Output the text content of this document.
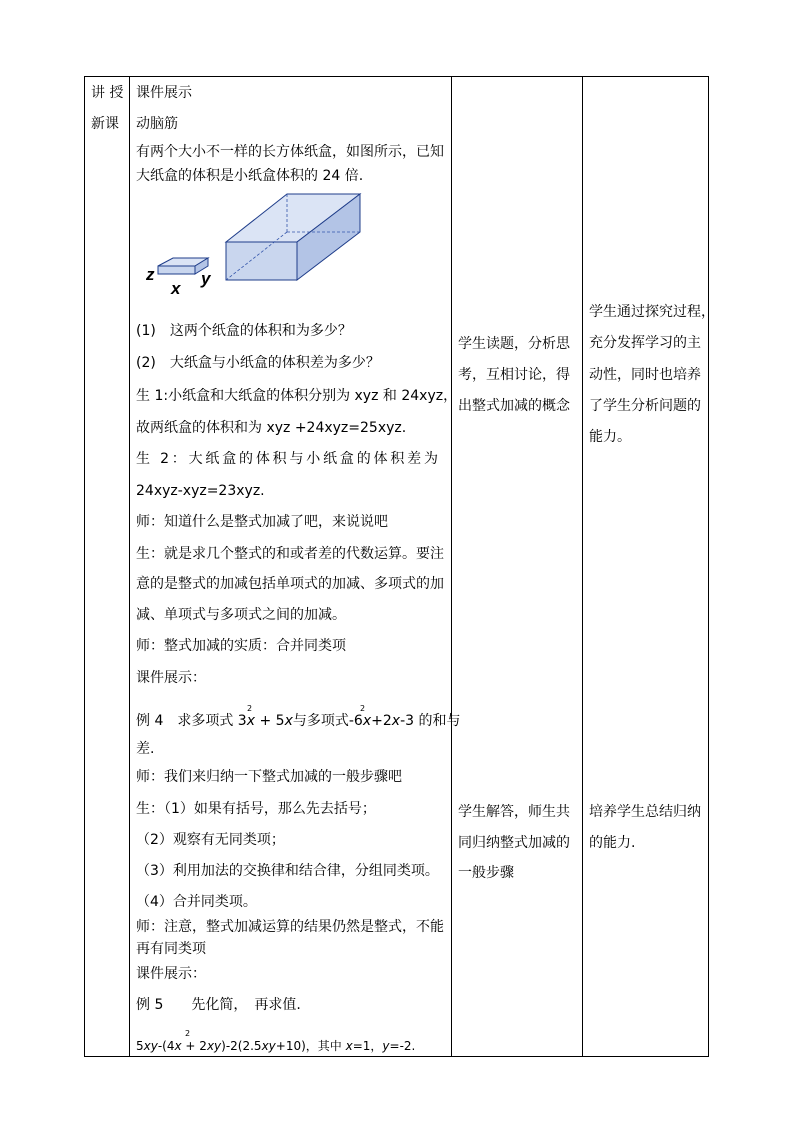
讲 授
新课
课件展示
动脑筋
有两个大小不一样的长方体纸盒，如图所示，已知
大纸盒的体积是小纸盒体积的 24 倍.
z
x
y
(1)　这两个纸盒的体积和为多少？
(2)　大纸盒与小纸盒的体积差为多少？
生 1:小纸盒和大纸盒的体积分别为 xyz 和 24xyz，
故两纸盒的体积和为 xyz +24xyz=25xyz.
生 2：大纸盒的体积与小纸盒的体积差为
24xyz-xyz=23xyz.
师：知道什么是整式加减了吧，来说说吧
生：就是求几个整式的和或者差的代数运算。要注
意的是整式的加减包括单项式的加减、多项式的加
减、单项式与多项式之间的加减。
师：整式加减的实质：合并同类项
课件展示：
例 4　求多项式 3x + 5x与多项式-6x+2x-3 的和与
2	2
差.
师：我们来归纳一下整式加减的一般步骤吧
生：（1）如果有括号，那么先去括号；
（2）观察有无同类项；
（3）利用加法的交换律和结合律，分组同类项。
（4）合并同类项。
师：注意，整式加减运算的结果仍然是整式，不能
再有同类项
课件展示：
例 5　　先化简，　再求值.
5xy-(4x + 2xy)-2(2.5xy+10)，其中 x=1，y=-2.
2
学生读题，分析思
考，互相讨论，得
出整式加减的概念
学生解答，师生共
同归纳整式加减的
一般步骤
学生通过探究过程，
充分发挥学习的主
动性，同时也培养
了学生分析问题的
能力。
培养学生总结归纳
的能力.
